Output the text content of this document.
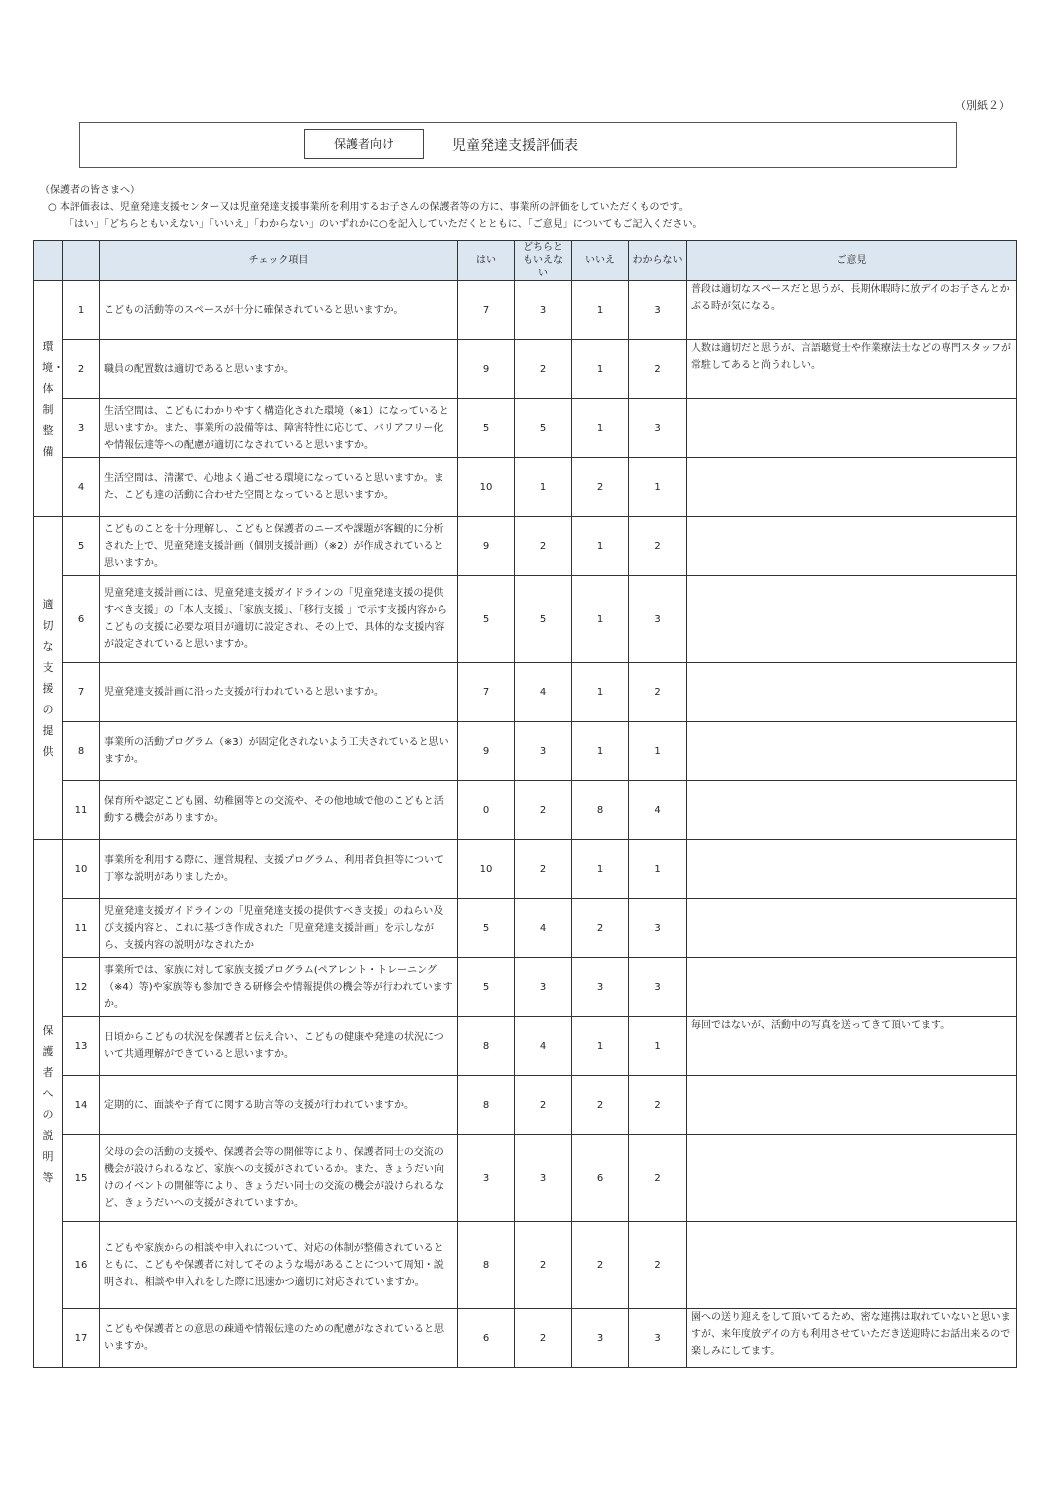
（別紙２）
保護者向け	児童発達支援評価表
（保護者の皆さまへ）
○ 本評価表は、児童発達支援センター又は児童発達支援事業所を利用するお子さんの保護者等の方に、事業所の評価をしていただくものです。
「はい」「どちらともいえない」「いいえ」「わからない」のいずれかに○を記入していただくとともに、「ご意見」についてもご記入ください。
		チェック項目	はい	どちらともいえない	いいえ	わからない	ご意見
環境・体制整備	1	こどもの活動等のスペースが十分に確保されていると思いますか。	7	3	1	3	普段は適切なスペースだと思うが、長期休暇時に放デイのお子さんとかぶる時が気になる。
	2	職員の配置数は適切であると思いますか。	9	2	1	2	人数は適切だと思うが、言語聴覚士や作業療法士などの専門スタッフが常駐してあると尚うれしい。
	3	生活空間は、こどもにわかりやすく構造化された環境（※1）になっていると思いますか。また、事業所の設備等は、障害特性に応じて、バリアフリー化や情報伝達等への配慮が適切になされていると思いますか。	5	5	1	3	
	4	生活空間は、清潔で、心地よく過ごせる環境になっていると思いますか。また、こども達の活動に合わせた空間となっていると思いますか。	10	1	2	1	
適切な支援の提供	5	こどものことを十分理解し、こどもと保護者のニーズや課題が客観的に分析された上で、児童発達支援計画（個別支援計画）（※2）が作成されていると思いますか。	9	2	1	2	
	6	児童発達支援計画には、児童発達支援ガイドラインの「児童発達支援の提供すべき支援」の「本人支援」、「家族支援」、「移行支援 」で示す支援内容からこどもの支援に必要な項目が適切に設定され、その上で、具体的な支援内容が設定されていると思いますか。	5	5	1	3	
	7	児童発達支援計画に沿った支援が行われていると思いますか。	7	4	1	2	
	8	事業所の活動プログラム（※3）が固定化されないよう工夫されていると思いますか。	9	3	1	1	
	11	保育所や認定こども園、幼稚園等との交流や、その他地域で他のこどもと活動する機会がありますか。	0	2	8	4	
保護者への説明等	10	事業所を利用する際に、運営規程、支援プログラム、利用者負担等について丁寧な説明がありましたか。	10	2	1	1	
	11	児童発達支援ガイドラインの「児童発達支援の提供すべき支援」のねらい及び支援内容と、これに基づき作成された「児童発達支援計画」を示しながら、支援内容の説明がなされたか	5	4	2	3	
	12	事業所では、家族に対して家族支援プログラム(ペアレント・トレーニング（※4）等)や家族等も参加できる研修会や情報提供の機会等が行われていますか。	5	3	3	3	
	13	日頃からこどもの状況を保護者と伝え合い、こどもの健康や発達の状況について共通理解ができていると思いますか。	8	4	1	1	毎回ではないが、活動中の写真を送ってきて頂いてます。
	14	定期的に、面談や子育てに関する助言等の支援が行われていますか。	8	2	2	2	
	15	父母の会の活動の支援や、保護者会等の開催等により、保護者同士の交流の機会が設けられるなど、家族への支援がされているか。また、きょうだい向けのイベントの開催等により、きょうだい同士の交流の機会が設けられるなど、きょうだいへの支援がされていますか。	3	3	6	2	
	16	こどもや家族からの相談や申入れについて、対応の体制が整備されているとともに、こどもや保護者に対してそのような場があることについて周知・説明され、相談や申入れをした際に迅速かつ適切に対応されていますか。	8	2	2	2	
	17	こどもや保護者との意思の疎通や情報伝達のための配慮がなされていると思いますか。	6	2	3	3	園への送り迎えをして頂いてるため、密な連携は取れていないと思いますが、来年度放デイの方も利用させていただき送迎時にお話出来るので楽しみにしてます。
